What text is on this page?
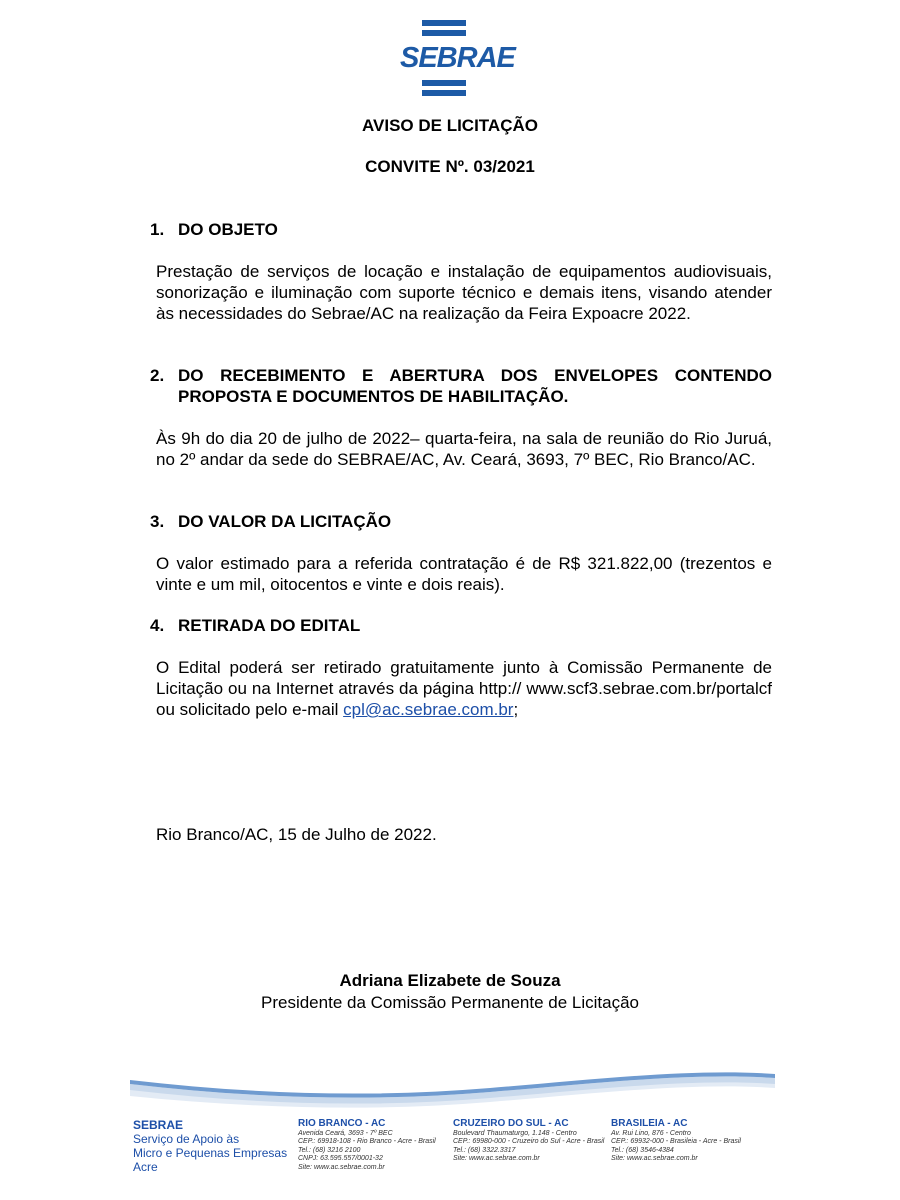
SEBRAE
AVISO DE LICITAÇÃO
CONVITE Nº. 03/2021
1. DO OBJETO
Prestação de serviços de locação e instalação de equipamentos audiovisuais, sonorização e iluminação com suporte técnico e demais itens, visando atender às necessidades do Sebrae/AC na realização da Feira Expoacre 2022.
2. DO RECEBIMENTO E ABERTURA DOS ENVELOPES CONTENDO PROPOSTA E DOCUMENTOS DE HABILITAÇÃO.
Às 9h do dia 20 de julho de 2022– quarta-feira, na sala de reunião do Rio Juruá, no 2º andar da sede do SEBRAE/AC, Av. Ceará, 3693, 7º BEC, Rio Branco/AC.
3. DO VALOR DA LICITAÇÃO
O valor estimado para a referida contratação é de R$ 321.822,00 (trezentos e vinte e um mil, oitocentos e vinte e dois reais).
4. RETIRADA DO EDITAL
O Edital poderá ser retirado gratuitamente junto à Comissão Permanente de Licitação ou na Internet através da página http:// www.scf3.sebrae.com.br/portalcf ou solicitado pelo e-mail cpl@ac.sebrae.com.br;
Rio Branco/AC, 15 de Julho de 2022.
Adriana Elizabete de Souza
Presidente da Comissão Permanente de Licitação
SEBRAE
Serviço de Apoio às
Micro e Pequenas Empresas
Acre
RIO BRANCO - AC
Avenida Ceará, 3693 - 7º BEC
CEP.: 69918-108 - Rio Branco - Acre - Brasil
Tel.: (68) 3216 2100
CNPJ: 63.595.557/0001-32
Site: www.ac.sebrae.com.br
CRUZEIRO DO SUL - AC
Boulevard Thaumaturgo, 1.148 - Centro
CEP.: 69980-000 - Cruzeiro do Sul - Acre - Brasil
Tel.: (68) 3322.3317
Site: www.ac.sebrae.com.br
BRASILEIA - AC
Av. Rui Lino, 876 - Centro
CEP.: 69932-000 - Brasileia - Acre - Brasil
Tel.: (68) 3546-4384
Site: www.ac.sebrae.com.br
